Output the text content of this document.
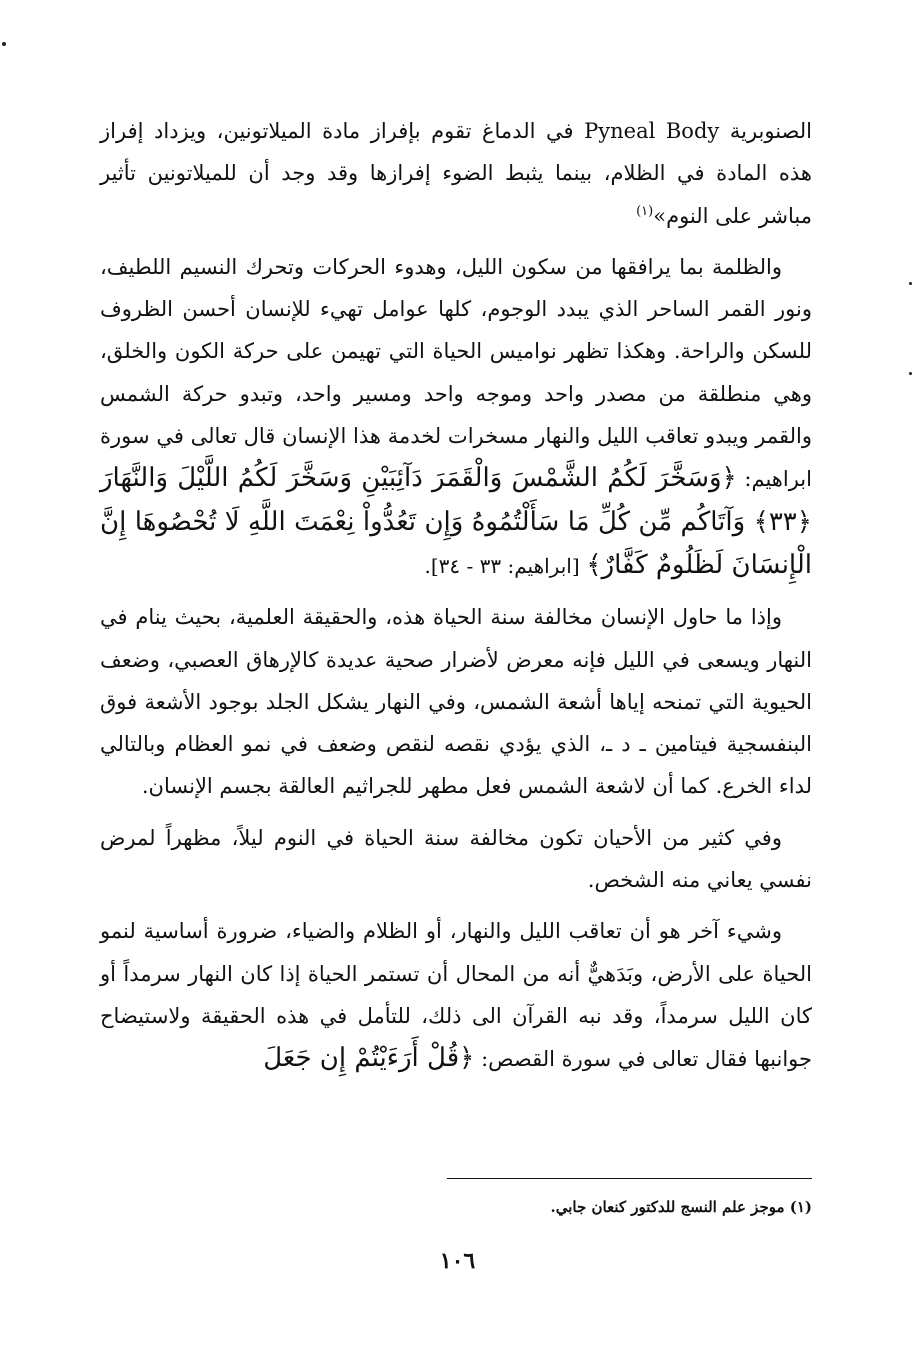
الصنوبرية Pyneal Body في الدماغ تقوم بإفراز مادة الميلاتونين، ويزداد إفراز هذه المادة في الظلام، بينما يثبط الضوء إفرازها وقد وجد أن للميلاتونين تأثير مباشر على النوم»$^{(١)}$

والظلمة بما يرافقها من سكون الليل، وهدوء الحركات وتحرك النسيم اللطيف، ونور القمر الساحر الذي يبدد الوجوم، كلها عوامل تهيء للإنسان أحسن الظروف للسكن والراحة. وهكذا تظهر نواميس الحياة التي تهيمن على حركة الكون والخلق، وهي منطلقة من مصدر واحد وموجه واحد ومسير واحد، وتبدو حركة الشمس والقمر ويبدو تعاقب الليل والنهار مسخرات لخدمة هذا الإنسان قال تعالى في سورة ابراهيم: ﴿وَسَخَّرَ لَكُمُ الشَّمْسَ وَالْقَمَرَ دَآئِبَيْنِ وَسَخَّرَ لَكُمُ اللَّيْلَ وَالنَّهَارَ ﴿٣٣﴾ وَآتَاكُم مِّن كُلِّ مَا سَأَلْتُمُوهُ وَإِن تَعُدُّواْ نِعْمَتَ اللَّهِ لَا تُحْصُوهَا إِنَّ الْإِنسَانَ لَظَلُومٌ كَفَّارٌ﴾ [ابراهيم: ٣٣ - ٣٤].

وإذا ما حاول الإنسان مخالفة سنة الحياة هذه، والحقيقة العلمية، بحيث ينام في النهار ويسعى في الليل فإنه معرض لأضرار صحية عديدة كالإرهاق العصبي، وضعف الحيوية التي تمنحه إياها أشعة الشمس، وفي النهار يشكل الجلد بوجود الأشعة فوق البنفسجية فيتامين ـ د ـ، الذي يؤدي نقصه لنقص وضعف في نمو العظام وبالتالي لداء الخرع. كما أن لاشعة الشمس فعل مطهر للجراثيم العالقة بجسم الإنسان.

وفي كثير من الأحيان تكون مخالفة سنة الحياة في النوم ليلاً، مظهراً لمرض نفسي يعاني منه الشخص.

وشيء آخر هو أن تعاقب الليل والنهار، أو الظلام والضياء، ضرورة أساسية لنمو الحياة على الأرض، وبَدَهيٌّ أنه من المحال أن تستمر الحياة إذا كان النهار سرمداً أو كان الليل سرمداً، وقد نبه القرآن الى ذلك، للتأمل في هذه الحقيقة ولاستيضاح جوانبها فقال تعالى في سورة القصص: ﴿قُلْ أَرَءَيْتُمْ إِن جَعَلَ

(١) موجز علم النسج للدكتور كنعان جابي.
١٠٦
